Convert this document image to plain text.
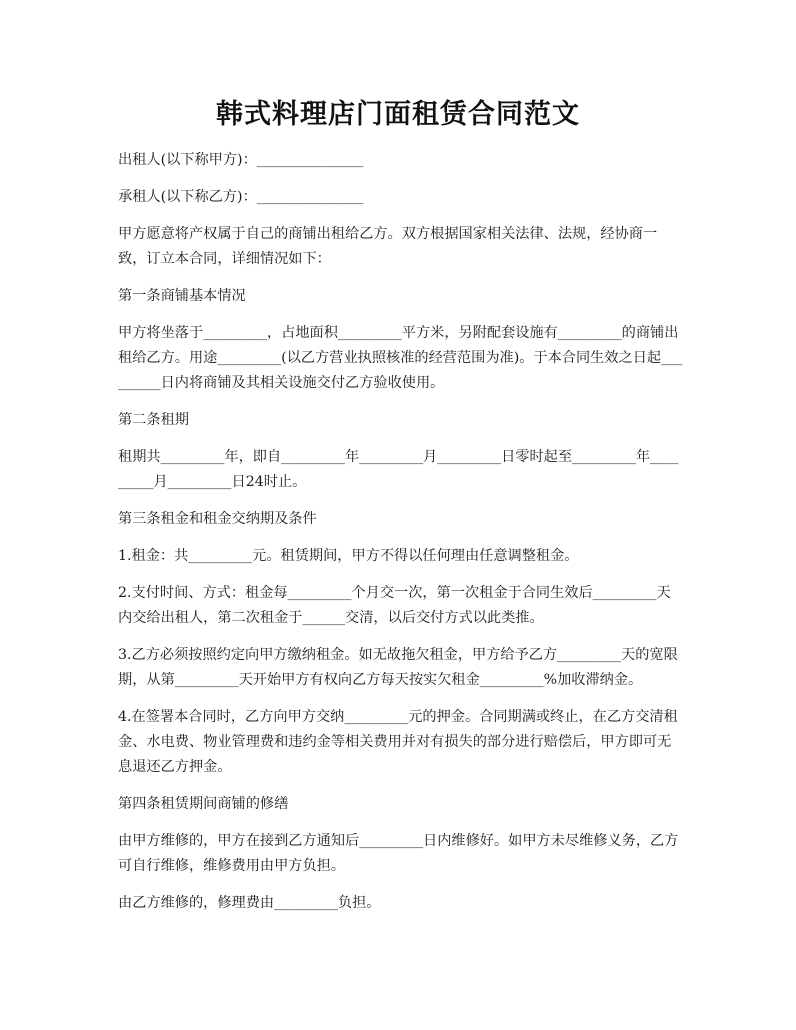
韩式料理店门面租赁合同范文

出租人(以下称甲方)：_______________

承租人(以下称乙方)：_______________

甲方愿意将产权属于自己的商铺出租给乙方。双方根据国家相关法律、法规，经协商一致，订立本合同，详细情况如下：

第一条商铺基本情况

甲方将坐落于_________，占地面积_________平方米，另附配套设施有_________的商铺出租给乙方。用途_________(以乙方营业执照核准的经营范围为准)。于本合同生效之日起_________日内将商铺及其相关设施交付乙方验收使用。

第二条租期

租期共_________年，即自_________年_________月_________日零时起至_________年_________月_________日24时止。

第三条租金和租金交纳期及条件

1.租金：共_________元。租赁期间，甲方不得以任何理由任意调整租金。

2.支付时间、方式：租金每_________个月交一次，第一次租金于合同生效后_________天内交给出租人，第二次租金于______交清，以后交付方式以此类推。

3.乙方必须按照约定向甲方缴纳租金。如无故拖欠租金，甲方给予乙方_________天的宽限期，从第_________天开始甲方有权向乙方每天按实欠租金_________%加收滞纳金。

4.在签署本合同时，乙方向甲方交纳_________元的押金。合同期满或终止，在乙方交清租金、水电费、物业管理费和违约金等相关费用并对有损失的部分进行赔偿后，甲方即可无息退还乙方押金。

第四条租赁期间商铺的修缮

由甲方维修的，甲方在接到乙方通知后_________日内维修好。如甲方未尽维修义务，乙方可自行维修，维修费用由甲方负担。

由乙方维修的，修理费由_________负担。
